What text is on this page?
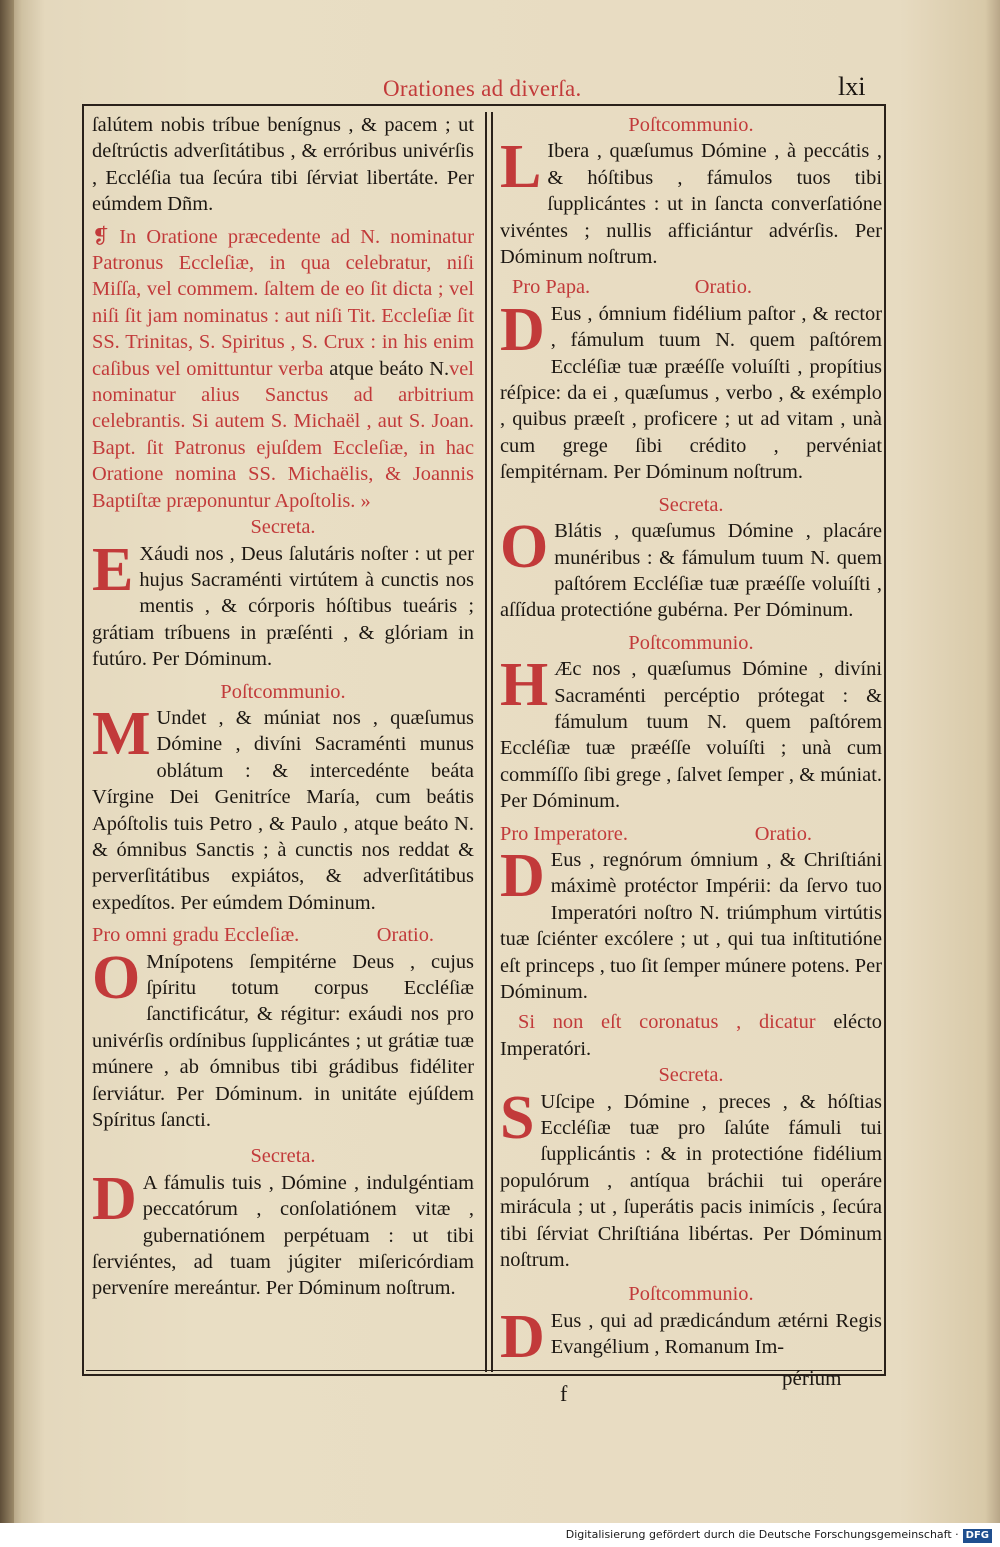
Orationes ad diverſa.	lxi

ſalútem nobis tríbue benígnus , & pacem ; ut deſtrúctis adverſitátibus , & erróribus univérſis , Eccléſia tua ſecúra tibi ſérviat libertáte. Per eúmdem Dñm.

❡ In Oratione præcedente ad N. nominatur Patronus Eccleſiæ, in qua celebratur, niſi Miſſa, vel commem. ſaltem de eo ſit dicta ; vel niſi ſit jam nominatus : aut niſi Tit. Eccleſiæ ſit SS. Trinitas, S. Spiritus , S. Crux : in his enim caſibus vel omittuntur verba atque beáto N.vel nominatur alius Sanctus ad arbitrium celebrantis. Si autem S. Michaël , aut S. Joan. Bapt. ſit Patronus ejuſdem Eccleſiæ, in hac Oratione nomina SS. Michaëlis, & Joannis Baptiſtæ præponuntur Apoſtolis. »

Secreta.

E Xáudi nos , Deus ſalutáris noſter : ut per hujus Sacraménti virtútem à cunctis nos mentis , & córporis hóſtibus tueáris ; grátiam tríbuens in præſénti , & glóriam in futúro. Per Dóminum.

Poſtcommunio.

M Undet , & múniat nos , quæſumus Dómine , divíni Sacraménti munus oblátum : & intercedénte beáta Vírgine Dei Genitríce María, cum beátis Apóſtolis tuis Petro , & Paulo , atque beáto N. & ómnibus Sanctis ; à cunctis nos reddat & perverſitátibus expiátos, & adverſitátibus expedítos. Per eúmdem Dóminum.

Pro omni gradu Eccleſiæ.	Oratio.

O Mnípotens ſempitérne Deus , cujus ſpíritu totum corpus Eccléſiæ ſanctificátur, & régitur: exáudi nos pro univérſis ordínibus ſupplicántes ; ut grátiæ tuæ múnere , ab ómnibus tibi grádibus fidéliter ſerviátur. Per Dóminum. in unitáte ejúſdem Spíritus ſancti.

Secreta.

D A fámulis tuis , Dómine , indulgéntiam peccatórum , conſolatiónem vitæ , gubernatiónem perpétuam : ut tibi ſerviéntes, ad tuam júgiter miſericórdiam perveníre mereántur. Per Dóminum noſtrum.

Poſtcommunio.

L Ibera , quæſumus Dómine , à peccátis , & hóſtibus , fámulos tuos tibi ſupplicántes : ut in ſancta converſatióne vivéntes ; nullis afficiántur advérſis. Per Dóminum noſtrum.

Pro Papa.	Oratio.

D Eus , ómnium fidélium paſtor , & rector , fámulum tuum N. quem paſtórem Eccléſiæ tuæ præéſſe voluíſti , propítius réſpice: da ei , quæſumus , verbo , & exémplo , quibus præeſt , proficere ; ut ad vitam , unà cum grege ſibi crédito , pervéniat ſempitérnam. Per Dóminum noſtrum.

Secreta.

O Blátis , quæſumus Dómine , placáre munéribus : & fámulum tuum N. quem paſtórem Eccléſiæ tuæ præéſſe voluíſti , aſſídua protectióne gubérna. Per Dóminum.

Poſtcommunio.

H Æc nos , quæſumus Dómine , divíni Sacraménti percéptio prótegat : & fámulum tuum N. quem paſtórem Eccléſiæ tuæ præéſſe voluíſti ; unà cum commíſſo ſibi grege , ſalvet ſemper , & múniat. Per Dóminum.

Pro Imperatore.	Oratio.

D Eus , regnórum ómnium , & Chriſtiáni máximè protéctor Impérii: da ſervo tuo Imperatóri noſtro N. triúmphum virtútis tuæ ſciénter excólere ; ut , qui tua inſtitutióne eſt princeps , tuo ſit ſemper múnere potens. Per Dóminum.

Si non eſt coronatus , dicatur elécto Imperatóri.

Secreta.

S Uſcipe , Dómine , preces , & hóſtias Eccléſiæ tuæ pro ſalúte fámuli tui ſupplicántis : & in protectióne fidélium populórum , antíqua bráchii tui operáre mirácula ; ut , ſuperátis pacis inimícis , ſecúra tibi ſérviat Chriſtiána libértas. Per Dóminum noſtrum.

Poſtcommunio.

D Eus , qui ad prædicándum ætérni Regis Evangélium , Romanum Im-

f
périum
Digitalisierung gefördert durch die Deutsche Forschungsgemeinschaft · DFG
